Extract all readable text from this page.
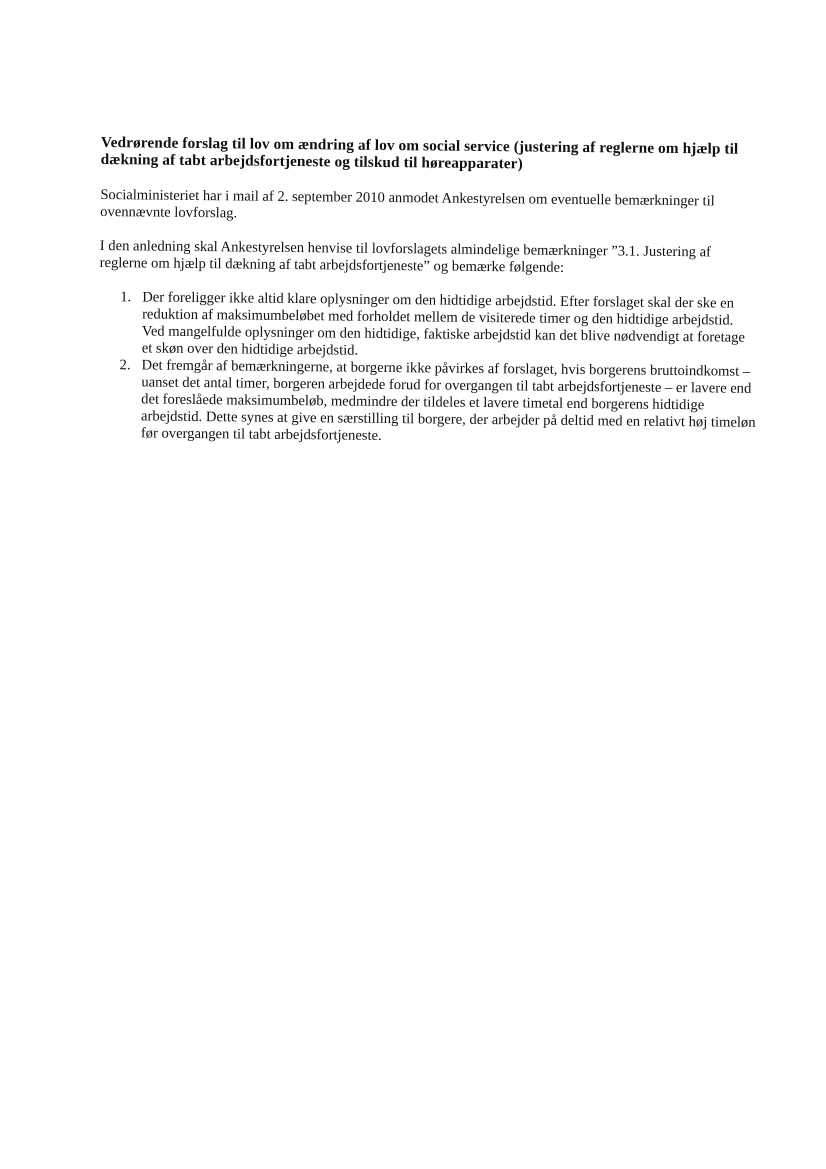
Vedrørende forslag til lov om ændring af lov om social service (justering af reglerne om hjælp til dækning af tabt arbejdsfortjeneste og tilskud til høreapparater)

Socialministeriet har i mail af 2. september 2010 anmodet Ankestyrelsen om eventuelle bemærkninger til ovennævnte lovforslag.

I den anledning skal Ankestyrelsen henvise til lovforslagets almindelige bemærkninger ”3.1. Justering af reglerne om hjælp til dækning af tabt arbejdsfortjeneste” og bemærke følgende:

1. Der foreligger ikke altid klare oplysninger om den hidtidige arbejdstid. Efter forslaget skal der ske en reduktion af maksimumbeløbet med forholdet mellem de visiterede timer og den hidtidige arbejdstid. Ved mangelfulde oplysninger om den hidtidige, faktiske arbejdstid kan det blive nødvendigt at foretage et skøn over den hidtidige arbejdstid.
2. Det fremgår af bemærkningerne, at borgerne ikke påvirkes af forslaget, hvis borgerens bruttoindkomst – uanset det antal timer, borgeren arbejdede forud for overgangen til tabt arbejdsfortjeneste – er lavere end det foreslåede maksimumbeløb, medmindre der tildeles et lavere timetal end borgerens hidtidige arbejdstid. Dette synes at give en særstilling til borgere, der arbejder på deltid med en relativt høj timeløn før overgangen til tabt arbejdsfortjeneste.
